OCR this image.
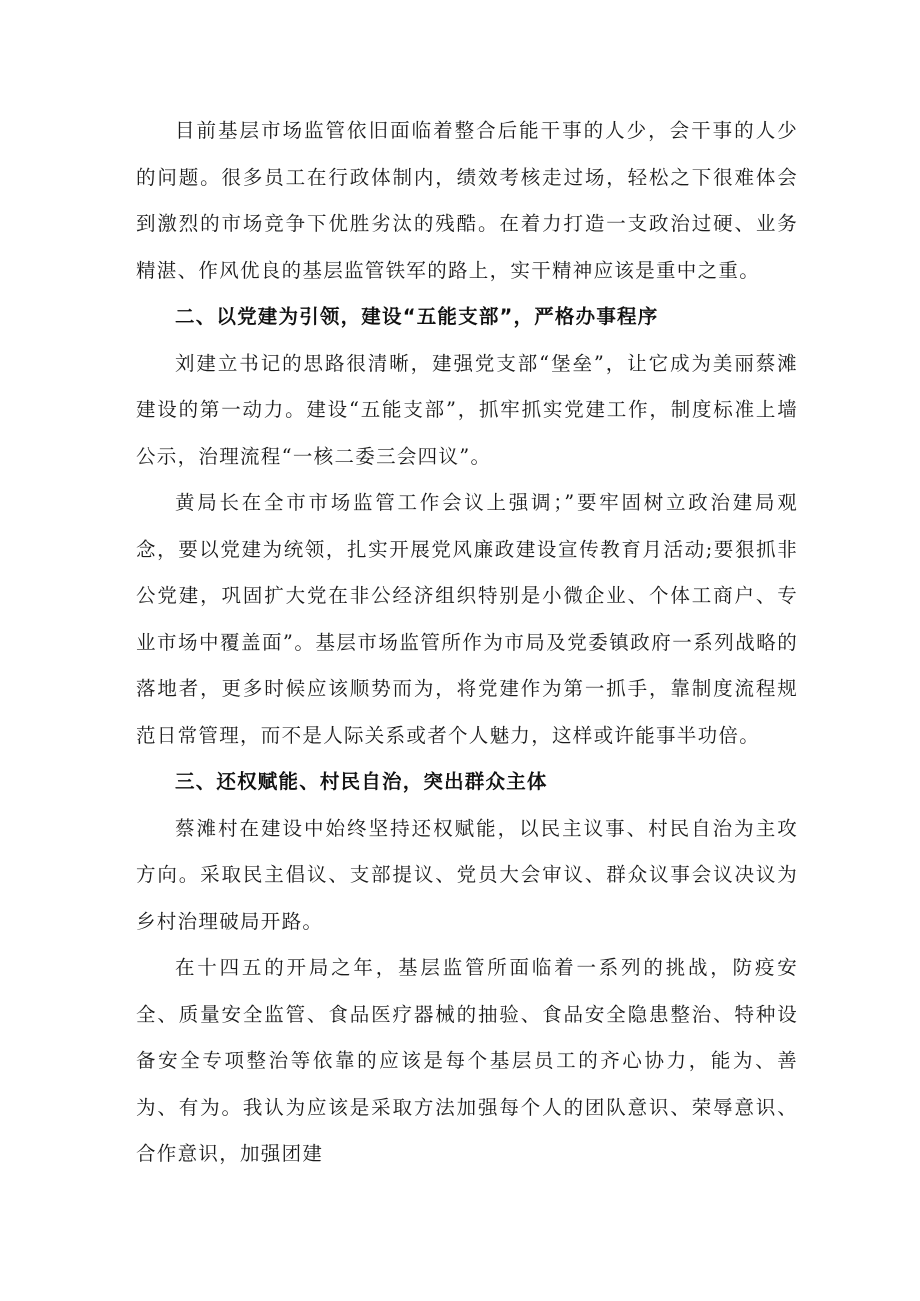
目前基层市场监管依旧面临着整合后能干事的人少，会干事的人少的问题。很多员工在行政体制内，绩效考核走过场，轻松之下很难体会到激烈的市场竞争下优胜劣汰的残酷。在着力打造一支政治过硬、业务精湛、作风优良的基层监管铁军的路上，实干精神应该是重中之重。

二、以党建为引领，建设“五能支部”，严格办事程序

刘建立书记的思路很清晰，建强党支部“堡垒”，让它成为美丽蔡滩建设的第一动力。建设“五能支部”，抓牢抓实党建工作，制度标准上墙公示，治理流程“一核二委三会四议”。

黄局长在全市市场监管工作会议上强调；”要牢固树立政治建局观念，要以党建为统领，扎实开展党风廉政建设宣传教育月活动;要狠抓非公党建，巩固扩大党在非公经济组织特别是小微企业、个体工商户、专业市场中覆盖面”。基层市场监管所作为市局及党委镇政府一系列战略的落地者，更多时候应该顺势而为，将党建作为第一抓手，靠制度流程规范日常管理，而不是人际关系或者个人魅力，这样或许能事半功倍。

三、还权赋能、村民自治，突出群众主体

蔡滩村在建设中始终坚持还权赋能，以民主议事、村民自治为主攻方向。采取民主倡议、支部提议、党员大会审议、群众议事会议决议为乡村治理破局开路。

在十四五的开局之年，基层监管所面临着一系列的挑战，防疫安全、质量安全监管、食品医疗器械的抽验、食品安全隐患整治、特种设备安全专项整治等依靠的应该是每个基层员工的齐心协力，能为、善为、有为。我认为应该是采取方法加强每个人的团队意识、荣辱意识、合作意识，加强团建
